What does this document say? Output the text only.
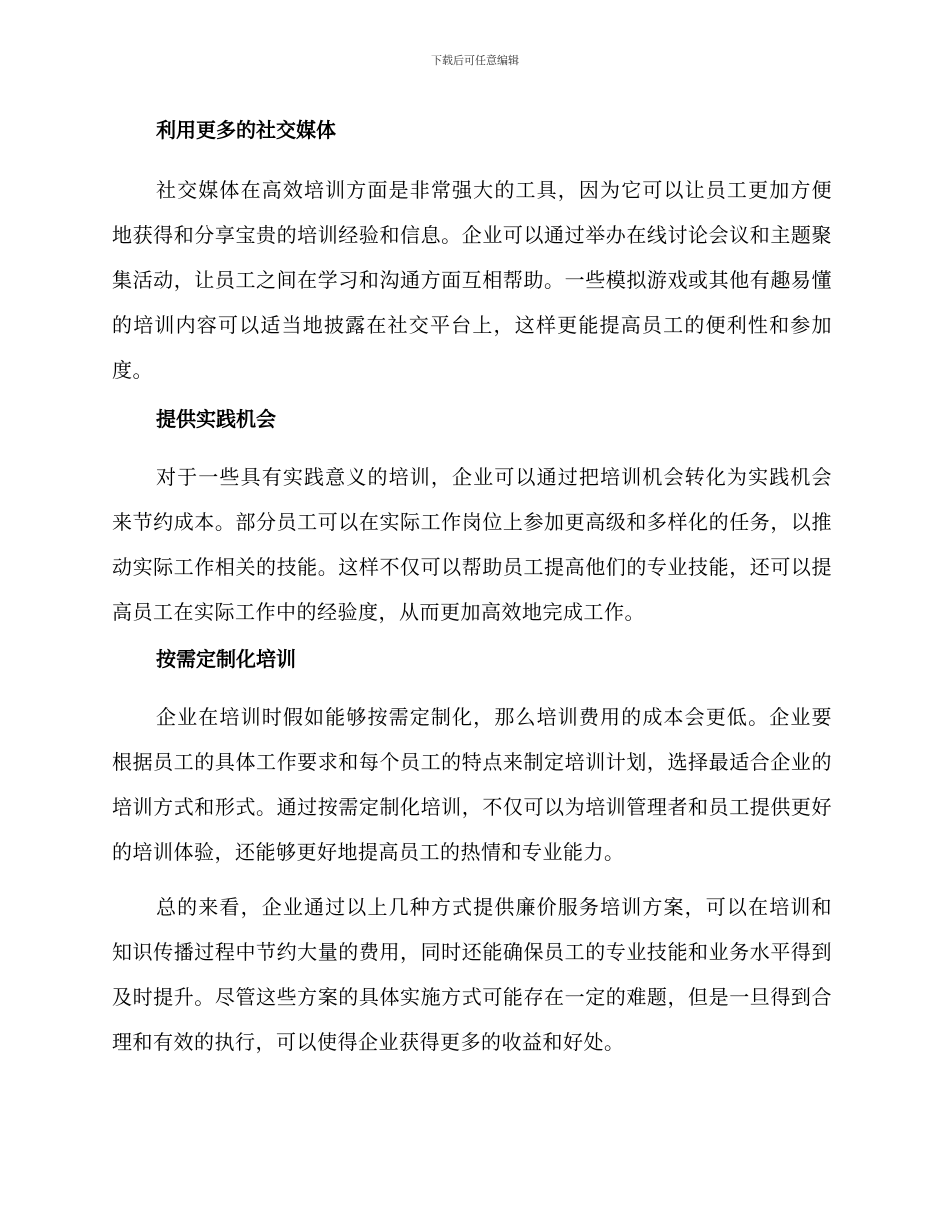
下载后可任意编辑
利用更多的社交媒体

社交媒体在高效培训方面是非常强大的工具，因为它可以让员工更加方便地获得和分享宝贵的培训经验和信息。企业可以通过举办在线讨论会议和主题聚集活动，让员工之间在学习和沟通方面互相帮助。一些模拟游戏或其他有趣易懂的培训内容可以适当地披露在社交平台上，这样更能提高员工的便利性和参加度。

提供实践机会

对于一些具有实践意义的培训，企业可以通过把培训机会转化为实践机会来节约成本。部分员工可以在实际工作岗位上参加更高级和多样化的任务，以推动实际工作相关的技能。这样不仅可以帮助员工提高他们的专业技能，还可以提高员工在实际工作中的经验度，从而更加高效地完成工作。

按需定制化培训

企业在培训时假如能够按需定制化，那么培训费用的成本会更低。企业要根据员工的具体工作要求和每个员工的特点来制定培训计划，选择最适合企业的培训方式和形式。通过按需定制化培训，不仅可以为培训管理者和员工提供更好的培训体验，还能够更好地提高员工的热情和专业能力。

总的来看，企业通过以上几种方式提供廉价服务培训方案，可以在培训和知识传播过程中节约大量的费用，同时还能确保员工的专业技能和业务水平得到及时提升。尽管这些方案的具体实施方式可能存在一定的难题，但是一旦得到合理和有效的执行，可以使得企业获得更多的收益和好处。
